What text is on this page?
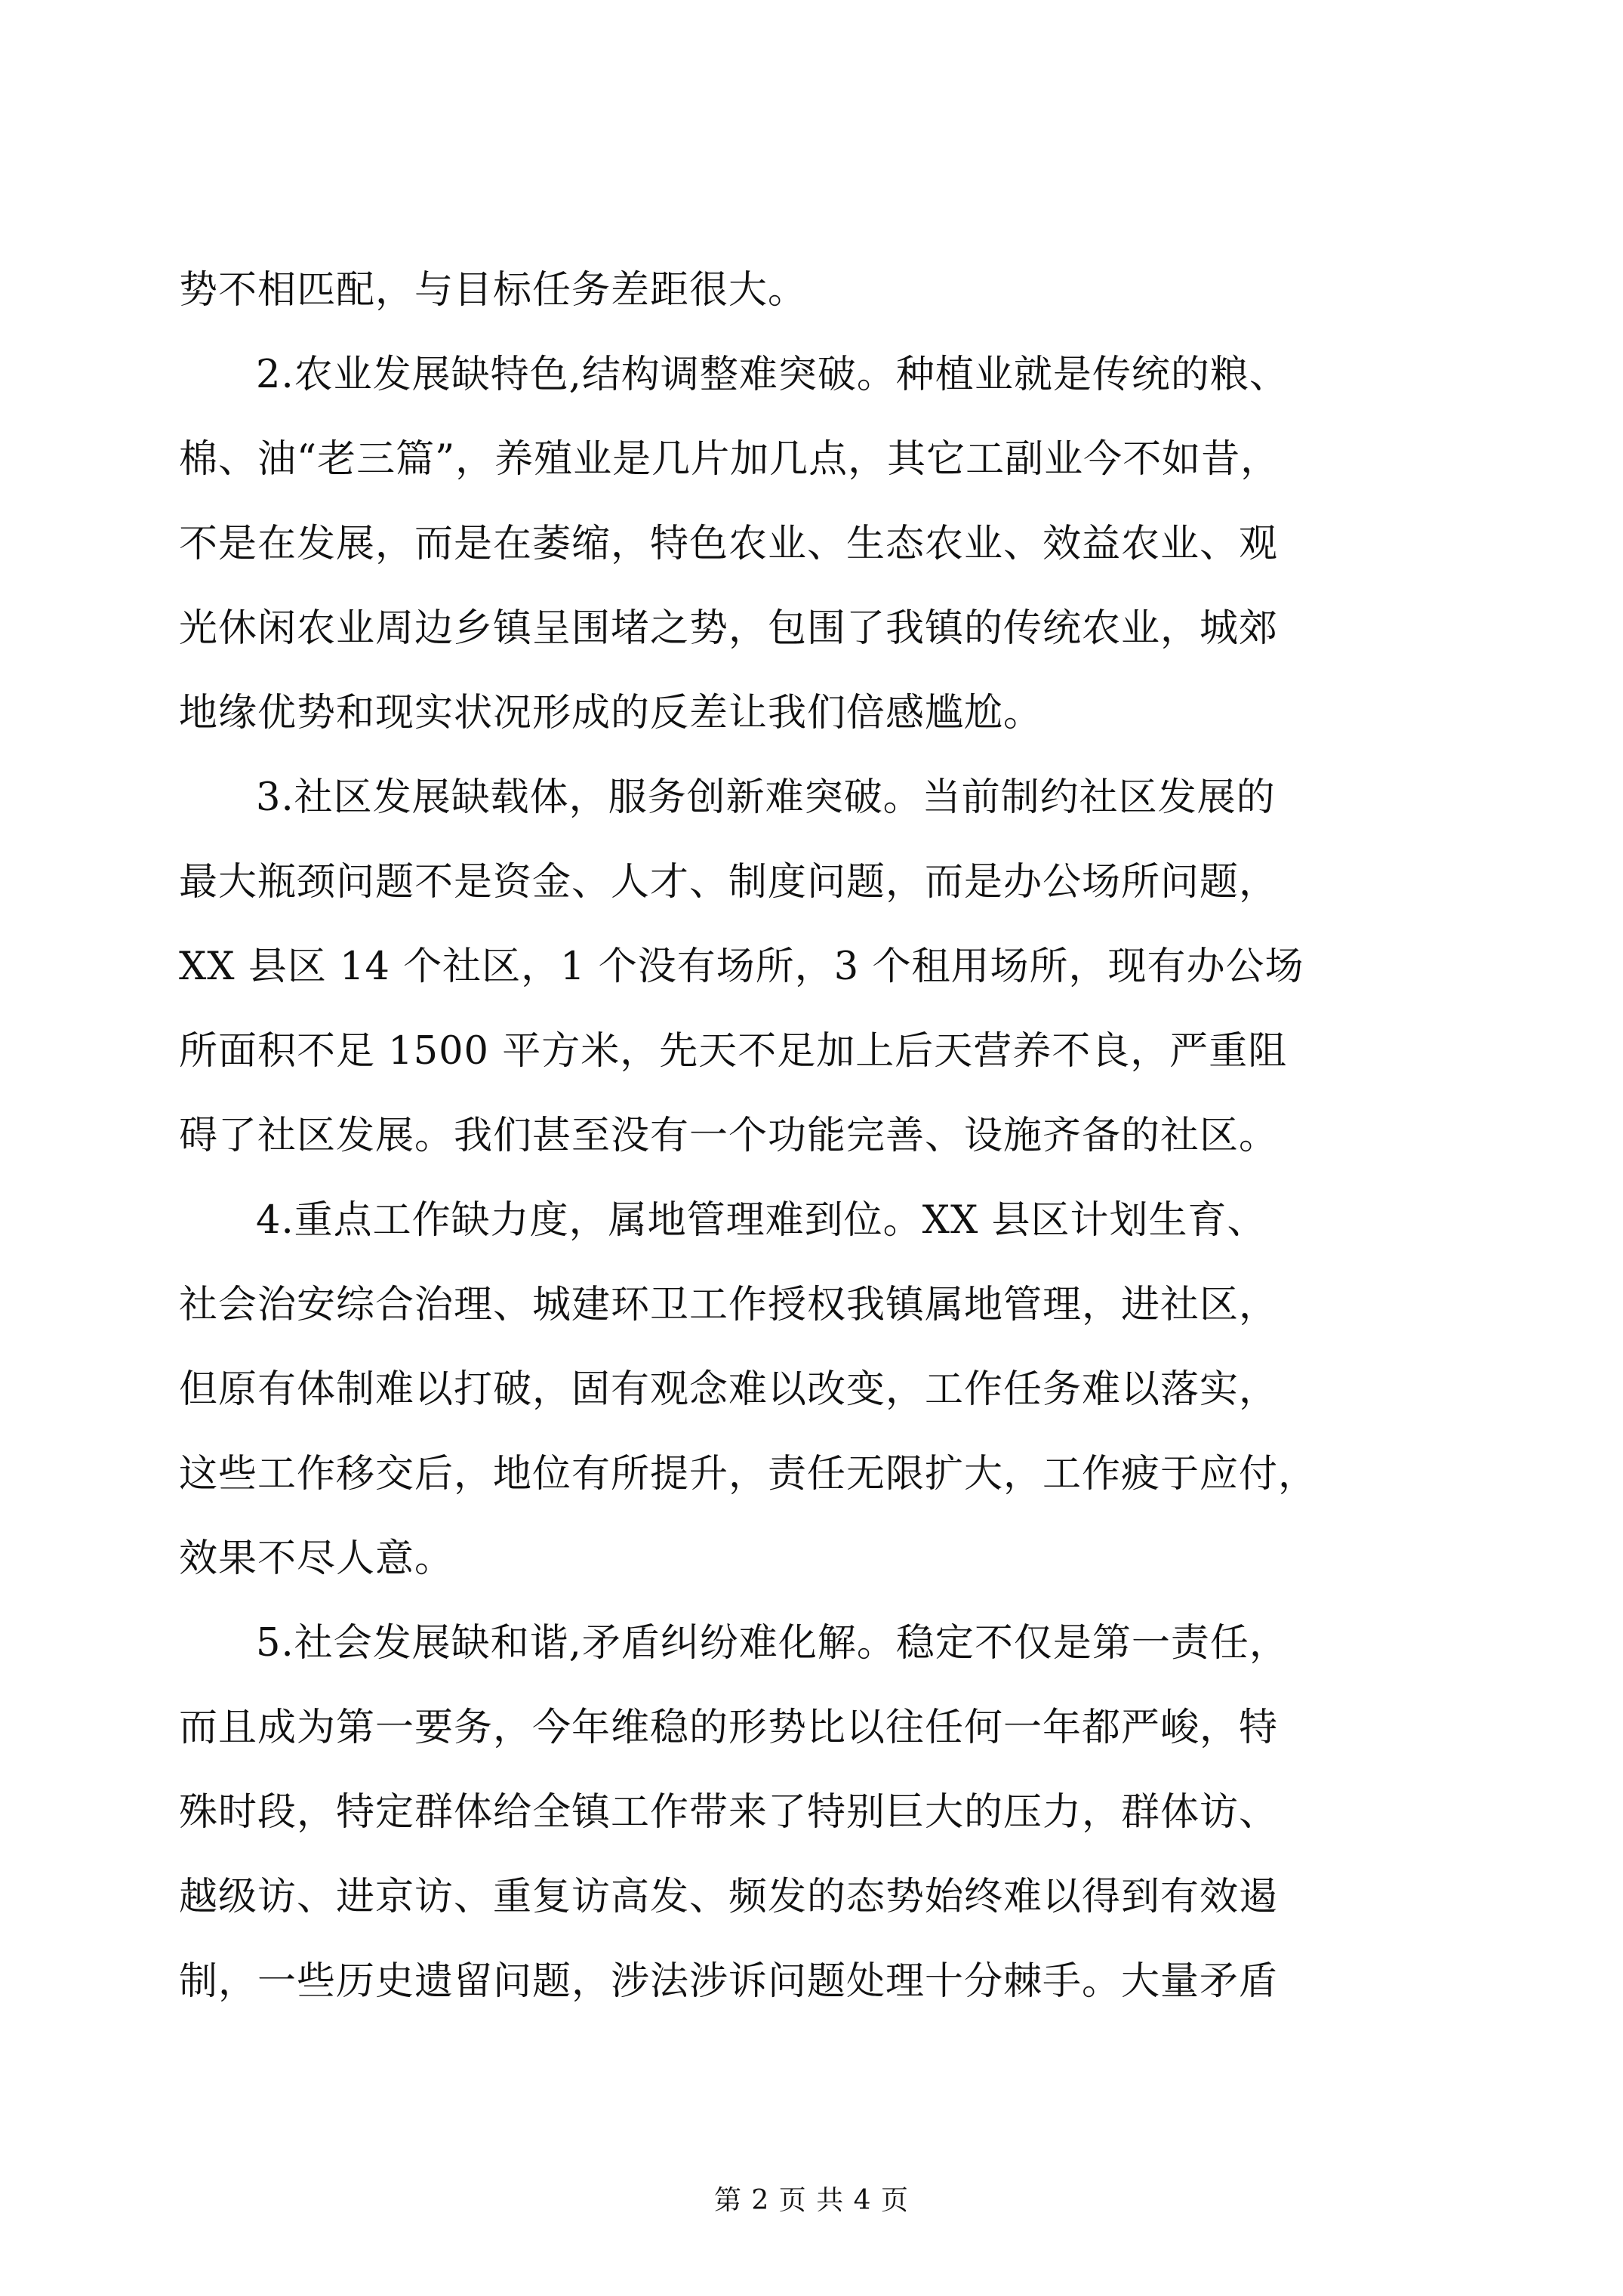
势不相匹配，与目标任务差距很大。
2.农业发展缺特色,结构调整难突破。种植业就是传统的粮、
棉、油“老三篇”，养殖业是几片加几点，其它工副业今不如昔，
不是在发展，而是在萎缩，特色农业、生态农业、效益农业、观
光休闲农业周边乡镇呈围堵之势，包围了我镇的传统农业，城郊
地缘优势和现实状况形成的反差让我们倍感尴尬。
3.社区发展缺载体，服务创新难突破。当前制约社区发展的
最大瓶颈问题不是资金、人才、制度问题，而是办公场所问题，
XX 县区 14 个社区，1 个没有场所，3 个租用场所，现有办公场
所面积不足 1500 平方米，先天不足加上后天营养不良，严重阻
碍了社区发展。我们甚至没有一个功能完善、设施齐备的社区。
4.重点工作缺力度，属地管理难到位。XX 县区计划生育、
社会治安综合治理、城建环卫工作授权我镇属地管理，进社区，
但原有体制难以打破，固有观念难以改变，工作任务难以落实，
这些工作移交后，地位有所提升，责任无限扩大，工作疲于应付，
效果不尽人意。
5.社会发展缺和谐,矛盾纠纷难化解。稳定不仅是第一责任，
而且成为第一要务，今年维稳的形势比以往任何一年都严峻，特
殊时段，特定群体给全镇工作带来了特别巨大的压力，群体访、
越级访、进京访、重复访高发、频发的态势始终难以得到有效遏
制，一些历史遗留问题，涉法涉诉问题处理十分棘手。大量矛盾
第 2 页 共 4 页
